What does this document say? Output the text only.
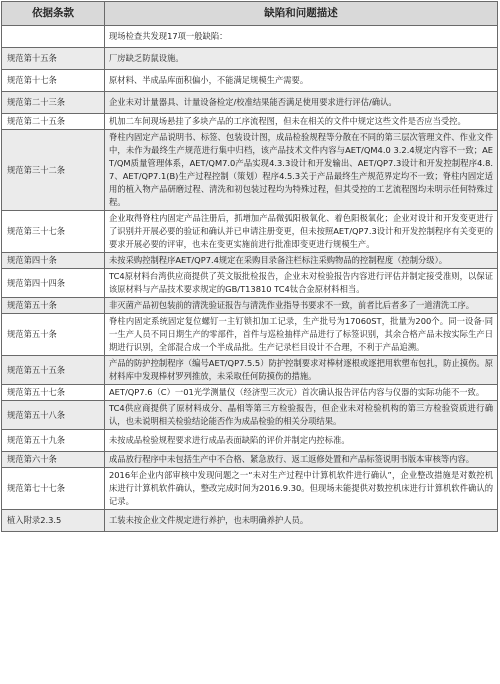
依据条款	缺陷和问题描述
	现场检查共发现17项一般缺陷：
规范第十五条	厂房缺乏防鼠设施。
规范第十七条	原材料、半成品库面积偏小，不能满足规模生产需要。
规范第二十三条	企业未对计量器具、计量设备检定/校准结果能否满足使用要求进行评估/确认。
规范第二十五条	机加二车间现场悬挂了多块产品的工序流程图，但未在相关的文件中规定这些文件是否应当受控。
规范第三十二条	脊柱内固定产品说明书、标签、包装设计图，成品检验规程等分散在不同的第三层次管理文件、作业文件中，未作为最终生产规范进行集中归档，该产品技术文件内容与AET/QM4.0 3.2.4规定内容不一致；AET/QM质量管理体系，AET/QM7.0产品实现4.3.3设计和开发输出、AET/QP7.3设计和开发控制程序4.8.7、AET/QP7.1(B)生产过程控制（策划）程序4.5.3关于产品最终生产规范界定均不一致；脊柱内固定适用的植入物产品研磨过程、清洗和初包装过程均为特殊过程，但其受控的工艺流程图均未明示任何特殊过程。
规范第三十七条	企业取得脊柱内固定产品注册后，抓增加产品微弧阳极氧化、着色阳极氧化；企业对设计和开发变更进行了识别并开展必要的验证和确认并已申请注册变更，但未按照AET/QP7.3设计和开发控制程序有关变更的要求开展必要的评审，也未在变更实施前进行批准即变更进行规模生产。
规范第四十条	未按采购控制程序AET/QP7.4规定在采购目录备注栏标注采购物品的控制程度（控制分级）。
规范第四十四条	TC4原材料台湾供应商提供了英文版批检报告，企业未对检验报告内容进行评估并制定接受准则，以保证该原材料与产品技术要求规定的GB/T13810 TC4钛合金原材料相当。
规范第五十条	非灭菌产品初包装前的清洗验证报告与清洗作业指导书要求不一致，前者比后者多了一道清洗工序。
规范第五十条	脊柱内固定系统固定复位螺钉一主钉锁扣加工记录，生产批号为17060ST，批量为200个。同一设备·同一生产人员不同日期生产的零部件，首件与巡检抽样产品进行了标签识别，其余合格产品未按实际生产日期进行识别，全部混合成一个半成品批。生产记录栏目设计不合理，不利于产品追溯。
规范第五十五条	产品的防护控制程序（编号AET/QP7.5.5）防护控制要求对棒材逐根或逐把用软塑布包扎，防止摸伤。原材料库中发现棒材罗列推放，未采取任何防摸伤的措施。
规范第五十七条	AET/QP7.6（C）一01光学测量仪（经济型三次元）首次确认报告评估内容与仪器的实际功能不一致。
规范第五十八条	TC4供应商提供了原材料成分、晶相等第三方检验报告，但企业未对检验机构的第三方检验资质进行确认，也未说明相关检验结论能否作为成品检验的相关分项结果。
规范第五十九条	未按成品检验规程要求进行成品表面缺陷的评价并制定内控标准。
规范第六十条	成品放行程序中未包括生产中不合格、紧急放行、返工返修处置和产品标签说明书版本审核等内容。
规范第七十七条	2016年企业内部审核中发现问题之一“未对生产过程中计算机软件进行确认”，企业整改措施是对数控机床进行计算机软件确认，整改完成时间为2016.9.30。但现场未能提供对数控机床进行计算机软件确认的记录。
植入附录2.3.5	工装未按企业文件规定进行养护，也未明确养护人员。
